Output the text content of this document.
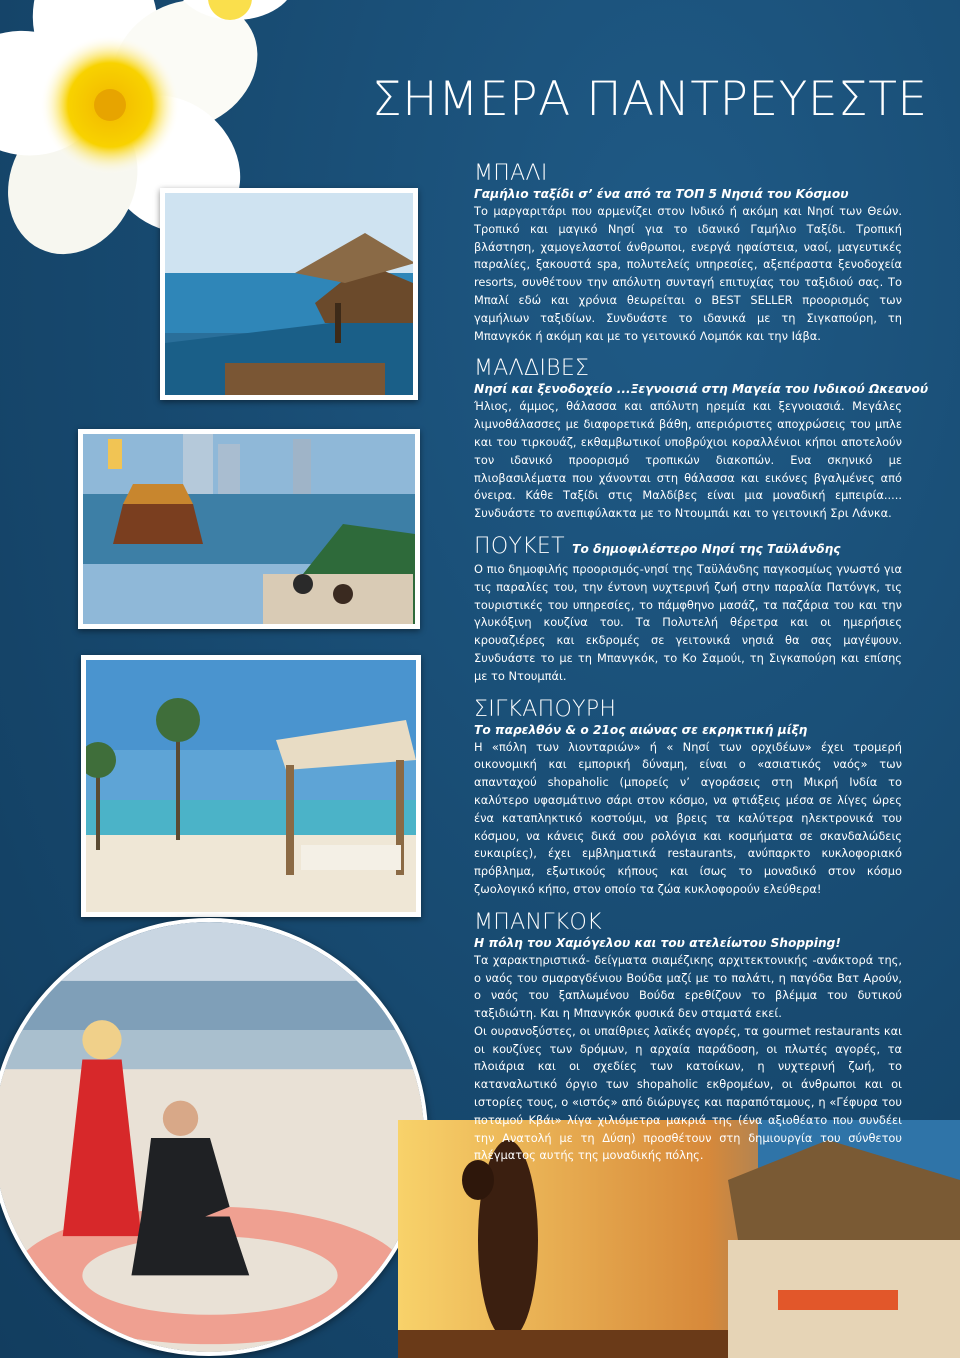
ΣΗΜΕΡΑ ΠΑΝΤΡΕΥΕΣΤΕ
ΜΠΑΛΙ

Γαμήλιο ταξίδι σ’ ένα από τα ΤΟΠ 5 Νησιά του Κόσμου

Το μαργαριτάρι που αρμενίζει στον Ινδικό ή ακόμη και Νησί των Θεών. Τροπικό και μαγικό Νησί για το ιδανικό Γαμήλιο Ταξίδι. Τροπική βλάστηση, χαμογελαστοί άνθρωποι, ενεργά ηφαίστεια, ναοί, μαγευτικές παραλίες, ξακουστά spa, πολυτελείς υπηρεσίες, αξεπέραστα ξενοδοχεία resorts, συνθέτουν την απόλυτη συνταγή επιτυχίας του ταξιδιού σας. Το Μπαλί εδώ και χρόνια θεωρείται ο BEST SELLER προορισμός των γαμήλιων ταξιδίων. Συνδυάστε το ιδανικά με τη Σιγκαπούρη, τη Μπανγκόκ ή ακόμη και με το γειτονικό Λομπόκ και την Ιάβα.

ΜΑΛΔΙΒΕΣ

Νησί και ξενοδοχείο ...Ξεγνοισιά στη Μαγεία του Ινδικού Ωκεανού

Ήλιος, άμμος, θάλασσα και απόλυτη ηρεμία και ξεγνοιασιά. Μεγάλες λιμνοθάλασσες με διαφορετικά βάθη, απεριόριστες αποχρώσεις του μπλε και του τιρκουάζ, εκθαμβωτικοί υποβρύχιοι κοραλλένιοι κήποι αποτελούν τον ιδανικό προορισμό τροπικών διακοπών. Ενα σκηνικό με πλιοβασιλέματα που χάνονται στη θάλασσα και εικόνες βγαλμένες από όνειρα. Κάθε Ταξίδι στις Μαλδίβες είναι μια μοναδική εμπειρία..... Συνδυάστε το ανεπιφύλακτα με το Ντουμπάι και το γειτονική Σρι Λάνκα.

ΠΟΥΚΕΤ Το δημοφιλέστερο Νησί της Ταϋλάνδης

Ο πιο δημοφιλής προορισμός-νησί της Ταϋλάνδης παγκοσμίως γνωστό για τις παραλίες του, την έντονη νυχτερινή ζωή στην παραλία Πατόνγκ, τις τουριστικές του υπηρεσίες, το πάμφθηνο μασάζ, τα παζάρια του και την γλυκόξινη κουζίνα του. Τα Πολυτελή θέρετρα και οι ημερήσιες κρουαζιέρες και εκδρομές σε γειτονικά νησιά θα σας μαγέψουν. Συνδυάστε το με τη Μπανγκόκ, το Κο Σαμούι, τη Σιγκαπούρη και επίσης με το Ντουμπάι.

ΣΙΓΚΑΠΟΥΡΗ

Το παρελθόν & ο 21ος αιώνας σε εκρηκτική μίξη

Η «πόλη των λιονταριών» ή « Νησί των ορχιδέων» έχει τρομερή οικονομική και εμπορική δύναμη, είναι ο «ασιατικός ναός» των απανταχού shopaholic (μπορείς ν’ αγοράσεις στη Μικρή Ινδία το καλύτερο υφασμάτινο σάρι στον κόσμο, να φτιάξεις μέσα σε λίγες ώρες ένα καταπληκτικό κοστούμι, να βρεις τα καλύτερα ηλεκτρονικά του κόσμου, να κάνεις δικά σου ρολόγια και κοσμήματα σε σκανδαλώδεις ευκαιρίες), έχει εμβληματικά restaurants, ανύπαρκτο κυκλοφοριακό πρόβλημα, εξωτικούς κήπους και ίσως το μοναδικό στον κόσμο ζωολογικό κήπο, στον οποίο τα ζώα κυκλοφορούν ελεύθερα!

ΜΠΑΝΓΚΟΚ

Η πόλη του Χαμόγελου και του ατελείωτου Shopping!

Τα χαρακτηριστικά- δείγματα σιαμέζικης αρχιτεκτονικής -ανάκτορά της, ο ναός του σμαραγδένιου Βούδα μαζί με το παλάτι, η παγόδα Βατ Αρούν, ο ναός του ξαπλωμένου Βούδα ερεθίζουν το βλέμμα του δυτικού ταξιδιώτη. Και η Μπανγκόκ φυσικά δεν σταματά εκεί.

Οι ουρανοξύστες, οι υπαίθριες λαϊκές αγορές, τα gourmet restaurants και οι κουζίνες των δρόμων, η αρχαία παράδοση, οι πλωτές αγορές, τα πλοιάρια και οι σχεδίες των κατοίκων, η νυχτερινή ζωή, το καταναλωτικό όργιο των shopaholic εκθρομέων, οι άνθρωποι και οι ιστορίες τους, ο «ιστός» από διώρυγες και παραπόταμους, η «Γέφυρα του ποταμού Κβάι» λίγα χιλιόμετρα μακριά της (ένα αξιοθέατο που συνδέει την Ανατολή με τη Δύση) προσθέτουν στη δημιουργία του σύνθετου πλέγματος αυτής της μοναδικής πόλης.
